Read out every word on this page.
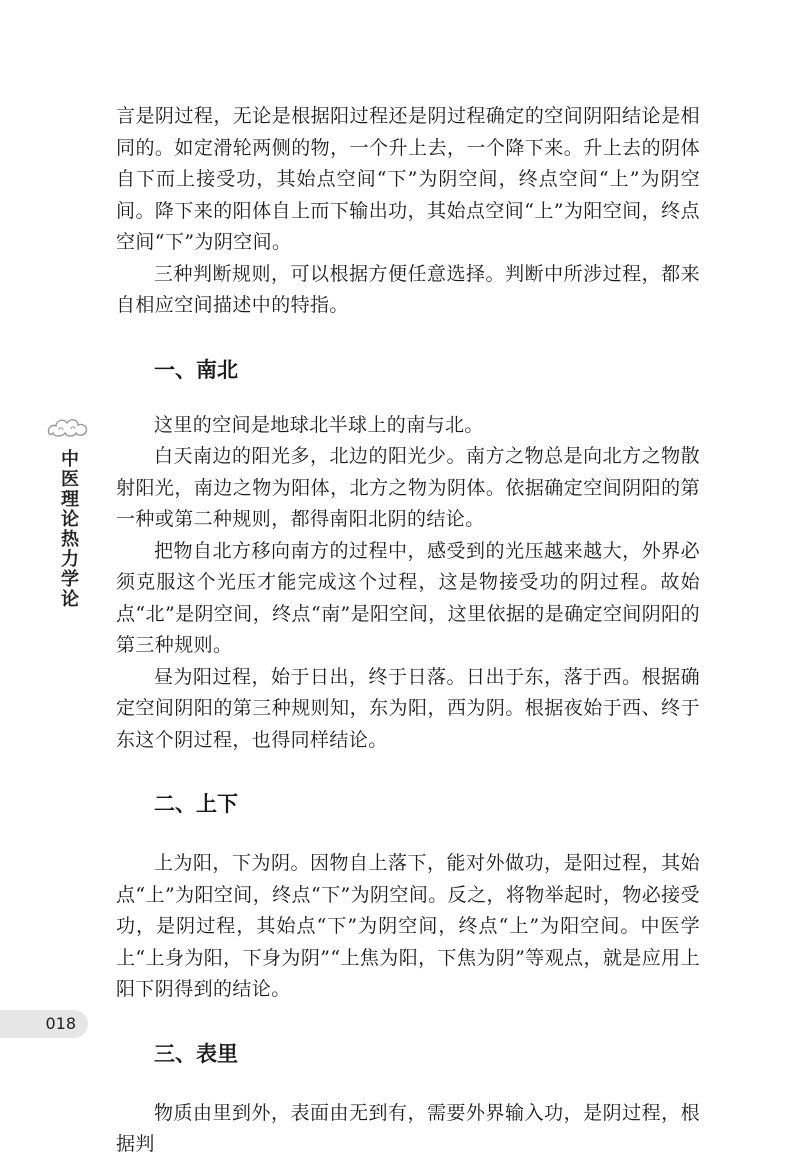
中医理论热力学论
018

言是阴过程，无论是根据阳过程还是阴过程确定的空间阴阳结论是相同的。如定滑轮两侧的物，一个升上去，一个降下来。升上去的阴体自下而上接受功，其始点空间“下”为阴空间，终点空间“上”为阴空间。降下来的阳体自上而下输出功，其始点空间“上”为阳空间，终点空间“下”为阴空间。

三种判断规则，可以根据方便任意选择。判断中所涉过程，都来自相应空间描述中的特指。

一、南北

这里的空间是地球北半球上的南与北。

白天南边的阳光多，北边的阳光少。南方之物总是向北方之物散射阳光，南边之物为阳体，北方之物为阴体。依据确定空间阴阳的第一种或第二种规则，都得南阳北阴的结论。

把物自北方移向南方的过程中，感受到的光压越来越大，外界必须克服这个光压才能完成这个过程，这是物接受功的阴过程。故始点“北”是阴空间，终点“南”是阳空间，这里依据的是确定空间阴阳的第三种规则。

昼为阳过程，始于日出，终于日落。日出于东，落于西。根据确定空间阴阳的第三种规则知，东为阳，西为阴。根据夜始于西、终于东这个阴过程，也得同样结论。

二、上下

上为阳，下为阴。因物自上落下，能对外做功，是阳过程，其始点“上”为阳空间，终点“下”为阴空间。反之，将物举起时，物必接受功，是阴过程，其始点“下”为阴空间，终点“上”为阳空间。中医学上“上身为阳，下身为阴”“上焦为阳，下焦为阴”等观点，就是应用上阳下阴得到的结论。

三、表里

物质由里到外，表面由无到有，需要外界输入功，是阴过程，根据判
